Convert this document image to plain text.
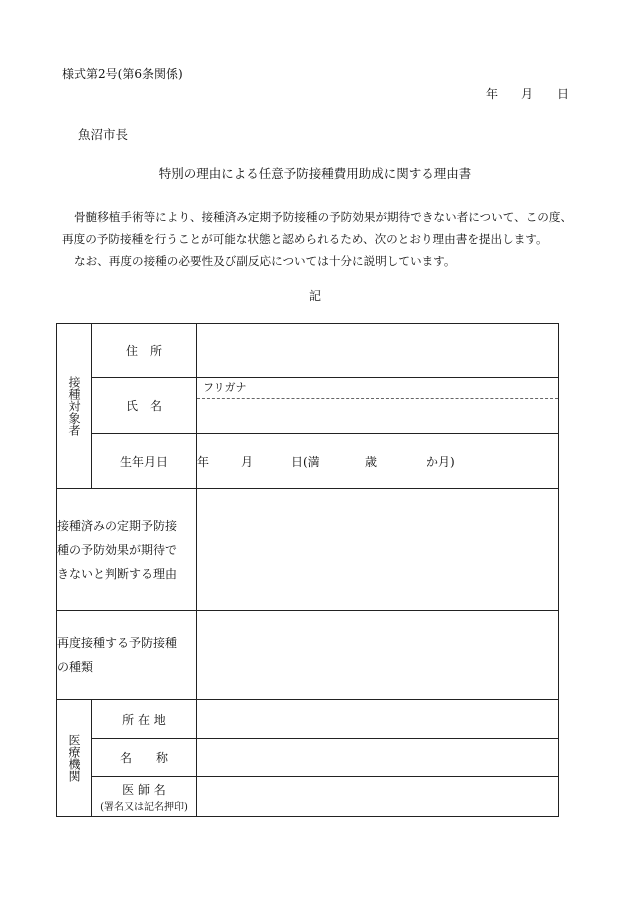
様式第2号(第6条関係)
年 月 日
魚沼市長
特別の理由による任意予防接種費用助成に関する理由書

骨髄移植手術等により、接種済み定期予防接種の予防効果が期待できない者について、この度、

再度の予防接種を行うことが可能な状態と認められるため、次のとおり理由書を提出します。

なお、再度の接種の必要性及び副反応については十分に説明しています。

記
接種対象者	住　所	
	氏　名	フリガナ

	生年月日	年 月 日(満 歳 か月)

接種済みの定期予防接
種の予防効果が期待で
きないと判断する理由		

再度接種する予防接種
の種類		

医療機関	所 在 地	
	名　　称	

	医 師 名
(署名又は記名押印)	
